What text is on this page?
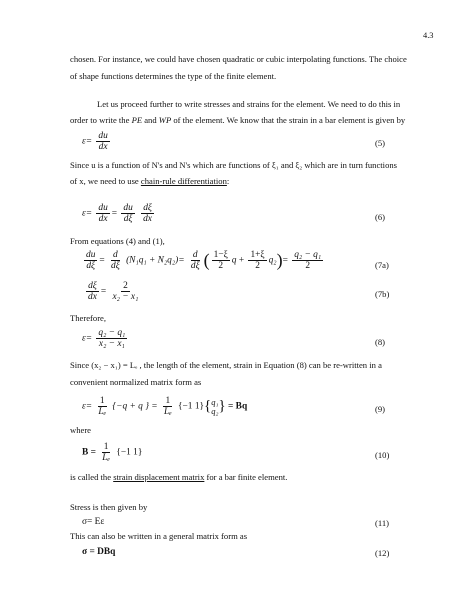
4.3
chosen. For instance, we could have chosen quadratic or cubic interpolating functions. The choice
of shape functions determines the type of the finite element.
Let us proceed further to write stresses and strains for the element. We need to do this in
order to write the PE and WP of the element. We know that the strain in a bar element is given by
$\varepsilon= \frac{du}{dx}$	(5)
Since u is a function of N's and N's which are functions of ξ₁ and ξ₂ which are in turn functions
of x, we need to use chain-rule differentiation:
$\varepsilon= \frac{du}{dx} = \frac{du}{d\xi}$
$\frac{d\xi}{dx}$	(6)
From equations (4) and (1),
$\frac{du}{d\xi} = \frac{d}{d\xi} (N_1q_1 + N_2q_2)= \frac{d}{d\xi}$ ( $\frac{1-\xi}{2}$ $q + \frac{1+\xi}{2} q_2)= \frac{\text{q₂ − q₁}}{2}$	(7a)
$\frac{d\xi}{dx} = \frac{2}{\text{x₂ − x₁}}$	(7b)
Therefore,
$\varepsilon= \frac{\text{q₂ − q₁}}{\text{x₂ − x₁}}$	(8)
Since (x₂ − x₁) = Lₑ , the length of the element, strain in Equation (8) can be re-written in a
convenient normalized matrix form as
$\varepsilon= \frac{1}{\text{Lₑ}} \{-q + q$ } = $\frac{1}{\text{Lₑ}} \{-1$ 1}{ q₁
q₂ } = Bq	(9)
where
$B = \frac{1}{\text{Lₑ}} \{-1$ 1}	(10)
is called the strain displacement matrix for a bar finite element.
Stress is then given by
σ= Eε	(11)
This can also be written in a general matrix form as
σ = DBq	(12)
